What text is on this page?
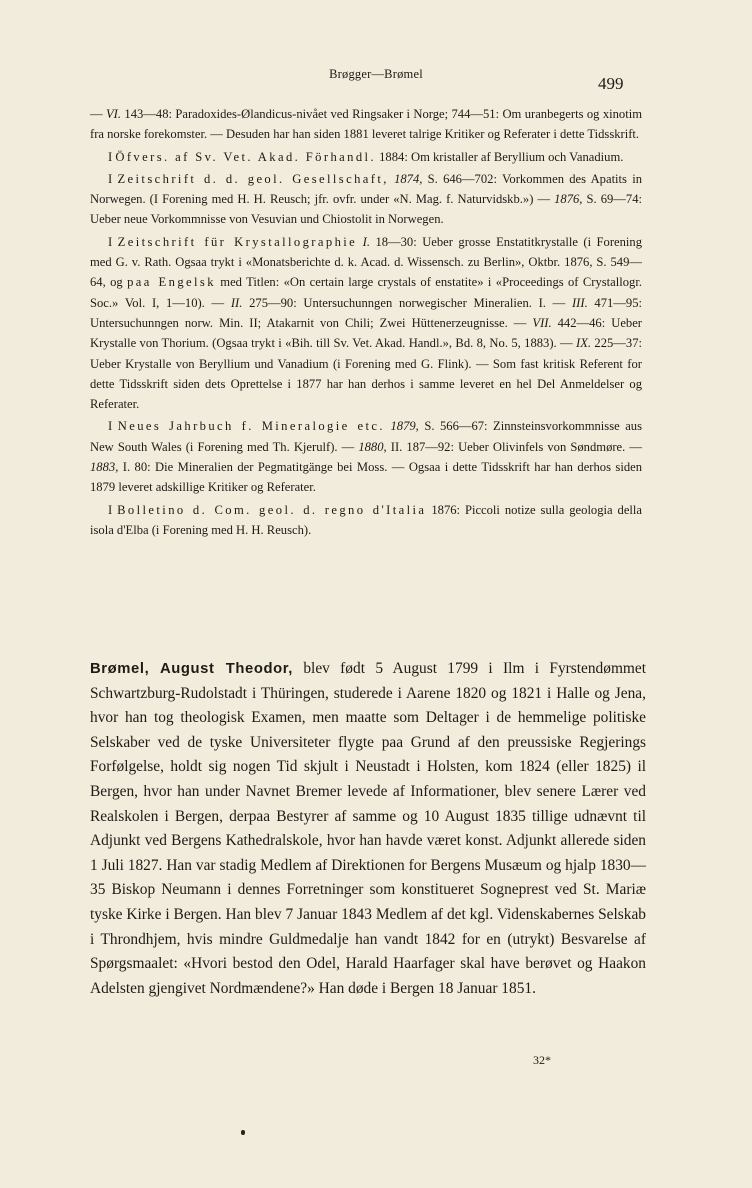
Brøgger—Brømel	499

— VI. 143—48: Paradoxides-Ølandicus-nivået ved Ringsaker i Norge; 744—51: Om uranbegerts og xinotim fra norske forekomster. — Desuden har han siden 1881 leveret talrige Kritiker og Referater i dette Tidsskrift.

I Öfvers. af Sv. Vet. Akad. Förhandl. 1884: Om kristaller af Beryllium och Vanadium.

I Zeitschrift d. d. geol. Gesellschaft, 1874, S. 646—702: Vorkommen des Apatits in Norwegen. (I Forening med H. H. Reusch; jfr. ovfr. under «N. Mag. f. Naturvidskb.») — 1876, S. 69—74: Ueber neue Vorkommnisse von Vesuvian und Chiostolit in Norwegen.

I Zeitschrift für Krystallographie I. 18—30: Ueber grosse Enstatitkrystalle (i Forening med G. v. Rath. Ogsaa trykt i «Monatsberichte d. k. Acad. d. Wissensch. zu Berlin», Oktbr. 1876, S. 549—64, og paa Engelsk med Titlen: «On certain large crystals of enstatite» i «Proceedings of Crystallogr. Soc.» Vol. I, 1—10). — II. 275—90: Untersuchunngen norwegischer Mineralien. I. — III. 471—95: Untersuchunngen norw. Min. II; Atakarnit von Chili; Zwei Hüttenerzeugnisse. — VII. 442—46: Ueber Krystalle von Thorium. (Ogsaa trykt i «Bih. till Sv. Vet. Akad. Handl.», Bd. 8, No. 5, 1883). — IX. 225—37: Ueber Krystalle von Beryllium und Vanadium (i Forening med G. Flink). — Som fast kritisk Referent for dette Tidsskrift siden dets Oprettelse i 1877 har han derhos i samme leveret en hel Del Anmeldelser og Referater.

I Neues Jahrbuch f. Mineralogie etc. 1879, S. 566—67: Zinnsteinsvorkommnisse aus New South Wales (i Forening med Th. Kjerulf). — 1880, II. 187—92: Ueber Olivinfels von Søndmøre. — 1883, I. 80: Die Mineralien der Pegmatitgänge bei Moss. — Ogsaa i dette Tidsskrift har han derhos siden 1879 leveret adskillige Kritiker og Referater.

I Bolletino d. Com. geol. d. regno d'Italia 1876: Piccoli notize sulla geologia della isola d'Elba (i Forening med H. H. Reusch).

Brømel, August Theodor, blev født 5 August 1799 i Ilm i Fyrstendømmet Schwartzburg-Rudolstadt i Thüringen, studerede i Aarene 1820 og 1821 i Halle og Jena, hvor han tog theologisk Examen, men maatte som Deltager i de hemmelige politiske Selskaber ved de tyske Universiteter flygte paa Grund af den preussiske Regjerings Forfølgelse, holdt sig nogen Tid skjult i Neustadt i Holsten, kom 1824 (eller 1825) il Bergen, hvor han under Navnet Bremer levede af Informationer, blev senere Lærer ved Realskolen i Bergen, derpaa Bestyrer af samme og 10 August 1835 tillige udnævnt til Adjunkt ved Bergens Kathedralskole, hvor han havde været konst. Adjunkt allerede siden 1 Juli 1827. Han var stadig Medlem af Direktionen for Bergens Musæum og hjalp 1830—35 Biskop Neumann i dennes Forretninger som konstitueret Sogneprest ved St. Mariæ tyske Kirke i Bergen. Han blev 7 Januar 1843 Medlem af det kgl. Videnskabernes Selskab i Throndhjem, hvis mindre Guldmedalje han vandt 1842 for en (utrykt) Besvarelse af Spørgsmaalet: «Hvori bestod den Odel, Harald Haarfager skal have berøvet og Haakon Adelsten gjengivet Nordmændene?» Han døde i Bergen 18 Januar 1851.

32*
